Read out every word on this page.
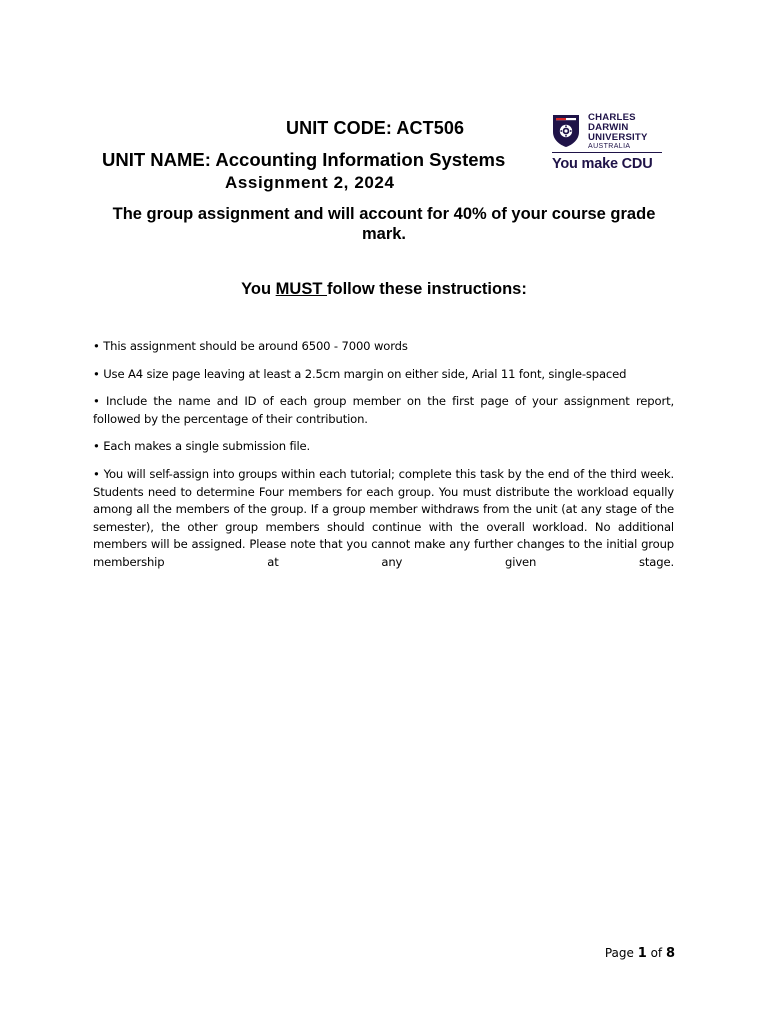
UNIT CODE: ACT506
UNIT NAME: Accounting Information Systems
Assignment 2, 2024
CHARLES
DARWIN
UNIVERSITY
AUSTRALIA
You make CDU
The group assignment and will account for 40% of your course grade mark.
You MUST follow these instructions:

• This assignment should be around 6500 - 7000 words

• Use A4 size page leaving at least a 2.5cm margin on either side, Arial 11 font, single-spaced

• Include the name and ID of each group member on the first page of your assignment report, followed by the percentage of their contribution.

• Each makes a single submission file.

• You will self-assign into groups within each tutorial; complete this task by the end of the third week. Students need to determine Four members for each group. You must distribute the workload equally among all the members of the group. If a group member withdraws from the unit (at any stage of the semester), the other group members should continue with the overall workload. No additional members will be assigned. Please note that you cannot make any further changes to the initial group membership at any given stage.

Page 1 of 8
